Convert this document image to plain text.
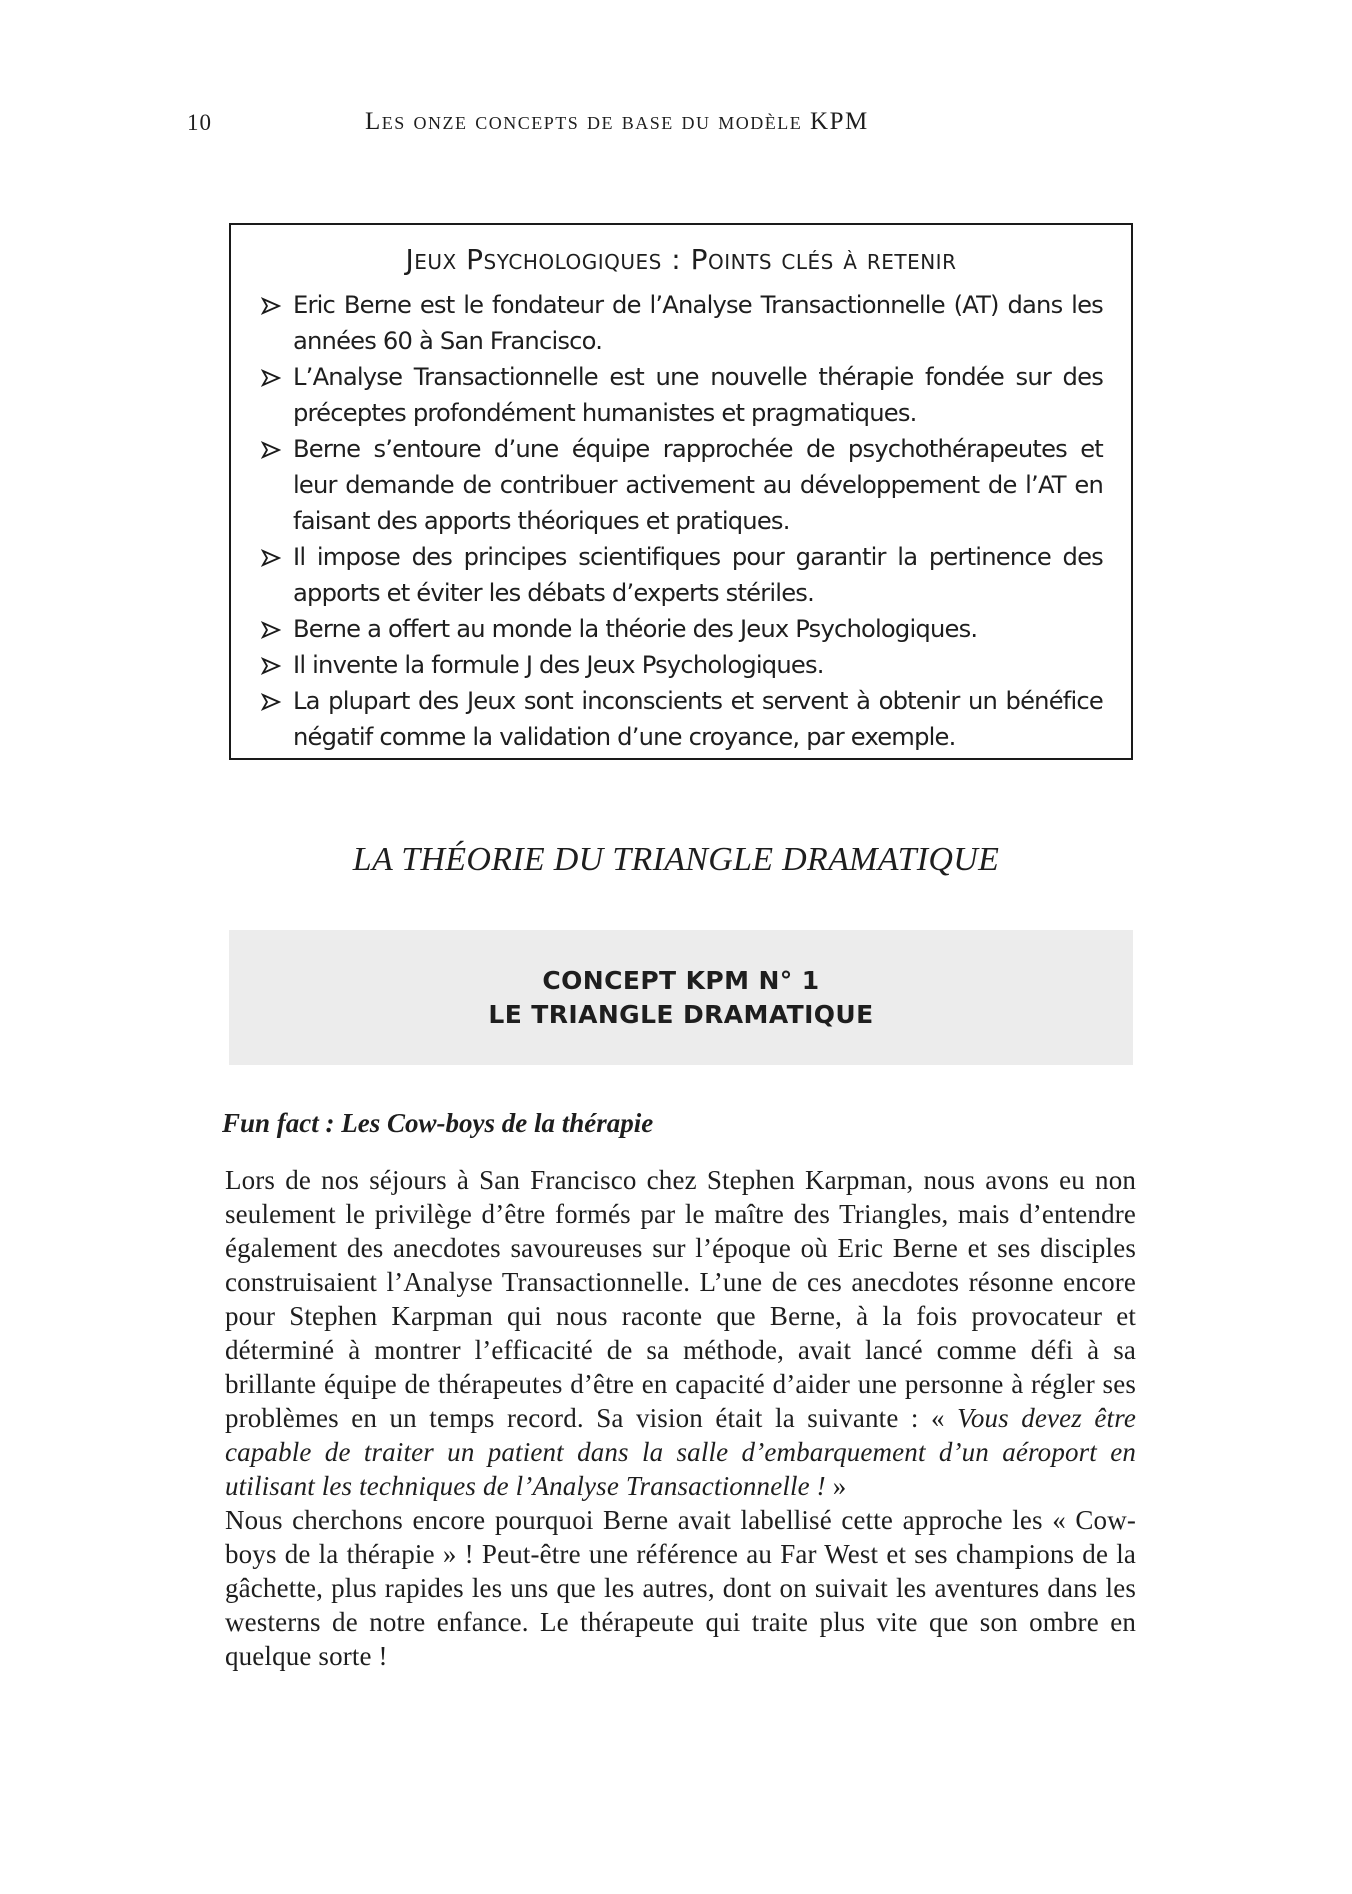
10	Les onze concepts de base du modèle KPM
Jeux Psychologiques : Points clés à retenir
Eric Berne est le fondateur de l’Analyse Transactionnelle (AT) dans les années 60 à San Francisco.
L’Analyse Transactionnelle est une nouvelle thérapie fondée sur des préceptes profondément humanistes et pragmatiques.
Berne s’entoure d’une équipe rapprochée de psychothérapeutes et leur demande de contribuer activement au développement de l’AT en faisant des apports théoriques et pratiques.
Il impose des principes scientifiques pour garantir la pertinence des apports et éviter les débats d’experts stériles.
Berne a offert au monde la théorie des Jeux Psychologiques.
Il invente la formule J des Jeux Psychologiques.
La plupart des Jeux sont inconscients et servent à obtenir un bénéfice négatif comme la validation d’une croyance, par exemple.
LA THÉORIE DU TRIANGLE DRAMATIQUE
CONCEPT KPM N° 1
LE TRIANGLE DRAMATIQUE
Fun fact : Les Cow-boys de la thérapie

Lors de nos séjours à San Francisco chez Stephen Karpman, nous avons eu non seulement le privilège d’être formés par le maître des Triangles, mais d’entendre également des anecdotes savoureuses sur l’époque où Eric Berne et ses disciples construisaient l’Analyse Transactionnelle. L’une de ces anecdotes résonne encore pour Stephen Karpman qui nous raconte que Berne, à la fois provocateur et déterminé à montrer l’efficacité de sa méthode, avait lancé comme défi à sa brillante équipe de thérapeutes d’être en capacité d’aider une personne à régler ses problèmes en un temps record. Sa vision était la suivante : « Vous devez être capable de traiter un patient dans la salle d’embarquement d’un aéroport en utilisant les techniques de l’Analyse Transactionnelle ! »

Nous cherchons encore pourquoi Berne avait labellisé cette approche les « Cow-boys de la thérapie » ! Peut-être une référence au Far West et ses champions de la gâchette, plus rapides les uns que les autres, dont on suivait les aventures dans les westerns de notre enfance. Le thérapeute qui traite plus vite que son ombre en quelque sorte !
